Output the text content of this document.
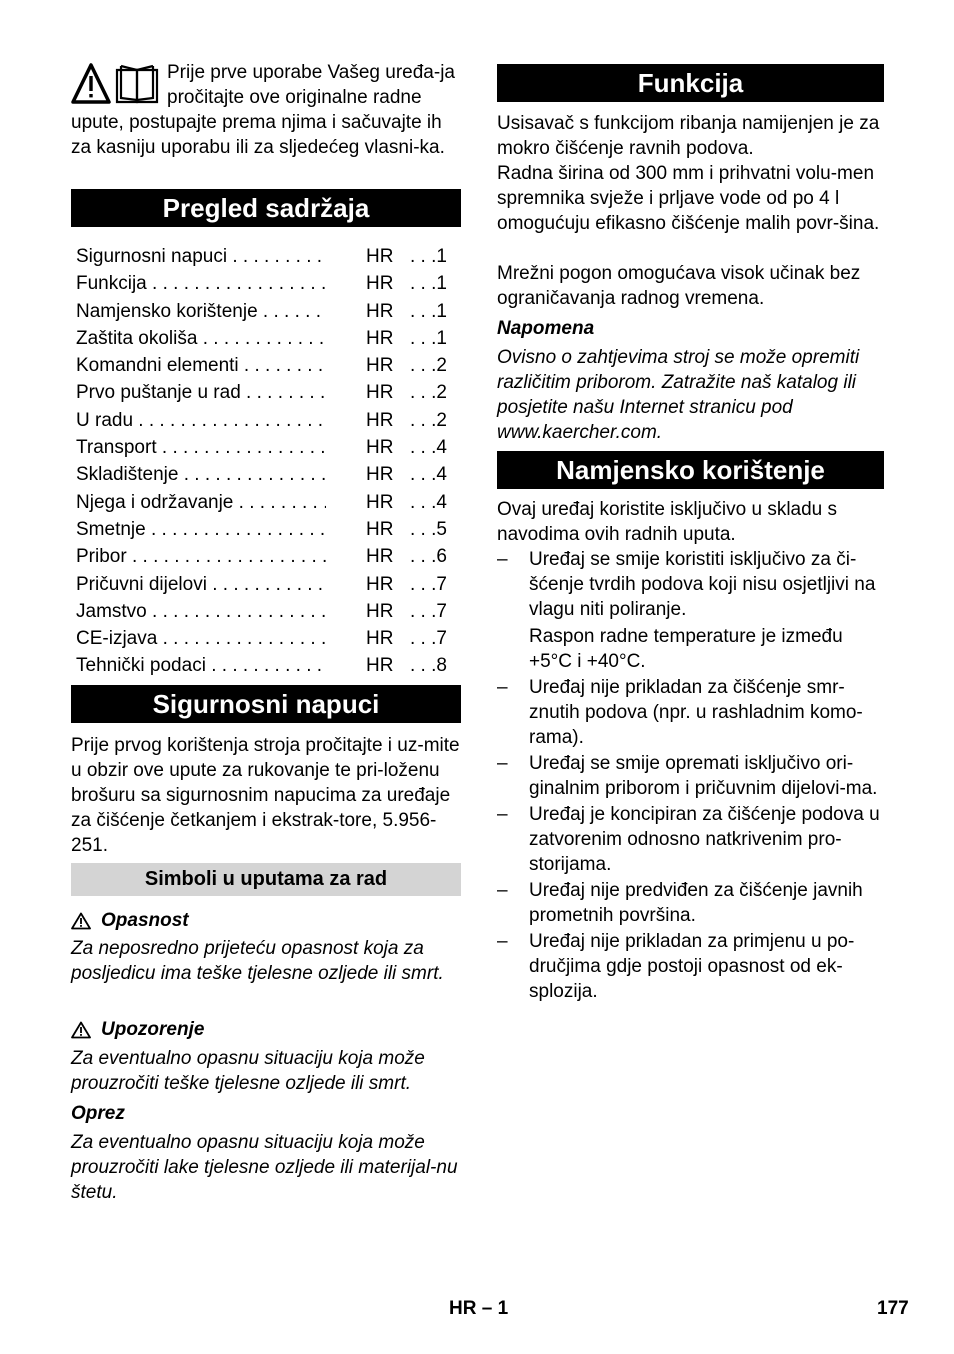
Prije prve uporabe Vašeg uređa-ja pročitajte ove originalne radne upute, postupajte prema njima i sačuvajte ih za kasniju uporabu ili za sljedećeg vlasni-ka.

Pregled sadržaja
Sigurnosni napuci . . .	HR	. . . 1
Funkcija . . .	HR	. . . 1
Namjensko korištenje . . .	HR	. . . 1
Zaštita okoliša . . .	HR	. . . 1
Komandni elementi . . .	HR	. . . 2
Prvo puštanje u rad . . .	HR	. . . 2
U radu . . .	HR	. . . 2
Transport . . .	HR	. . . 4
Skladištenje . . .	HR	. . . 4
Njega i održavanje . . .	HR	. . . 4
Smetnje . . .	HR	. . . 5
Pribor . . .	HR	. . . 6
Pričuvni dijelovi . . .	HR	. . . 7
Jamstvo . . .	HR	. . . 7
CE-izjava . . .	HR	. . . 7
Tehnički podaci . . .	HR	. . . 8
Sigurnosni napuci

Prije prvog korištenja stroja pročitajte i uz-mite u obzir ove upute za rukovanje te pri-loženu brošuru sa sigurnosnim napucima za uređaje za čišćenje četkanjem i ekstrak-tore, 5.956-251.

Simboli u uputama za rad
Opasnost

Za neposredno prijeteću opasnost koja za posljedicu ima teške tjelesne ozljede ili smrt.

Upozorenje

Za eventualno opasnu situaciju koja može prouzročiti teške tjelesne ozljede ili smrt.

Oprez

Za eventualno opasnu situaciju koja može prouzročiti lake tjelesne ozljede ili materijal-nu štetu.

Funkcija

Usisavač s funkcijom ribanja namijenjen je za mokro čišćenje ravnih podova.

Radna širina od 300 mm i prihvatni volu-men spremnika svježe i prljave vode od po 4 l omogućuju efikasno čišćenje malih povr-šina.

Mrežni pogon omogućava visok učinak bez ograničavanja radnog vremena.

Napomena

Ovisno o zahtjevima stroj se može opremiti različitim priborom. Zatražite naš katalog ili posjetite našu Internet stranicu pod www.kaercher.com.

Namjensko korištenje

Ovaj uređaj koristite isključivo u skladu s navodima ovih radnih uputa.

– Uređaj se smije koristiti isključivo za či-šćenje tvrdih podova koji nisu osjetljivi na vlagu niti poliranje.

Raspon radne temperature je između +5°C i +40°C.

– Uređaj nije prikladan za čišćenje smr-znutih podova (npr. u rashladnim komo-rama).

– Uređaj se smije opremati isključivo ori-ginalnim priborom i pričuvnim dijelovi-ma.

– Uređaj je koncipiran za čišćenje podova u zatvorenim odnosno natkrivenim pro-storijama.

– Uređaj nije predviđen za čišćenje javnih prometnih površina.

– Uređaj nije prikladan za primjenu u po-dručjima gdje postoji opasnost od ek-splozija.

HR – 1	177
